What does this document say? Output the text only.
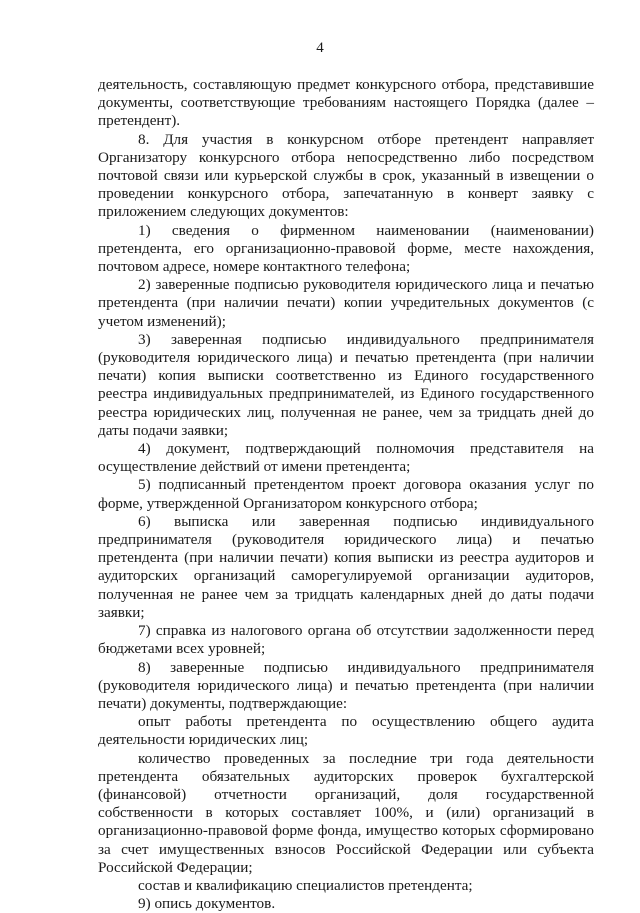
4

деятельность, составляющую предмет конкурсного отбора, представившие документы, соответствующие требованиям настоящего Порядка (далее – претендент).

8. Для участия в конкурсном отборе претендент направляет Организатору конкурсного отбора непосредственно либо посредством почтовой связи или курьерской службы в срок, указанный в извещении о проведении конкурсного отбора, запечатанную в конверт заявку с приложением следующих документов:

1) сведения о фирменном наименовании (наименовании) претендента, его организационно-правовой форме, месте нахождения, почтовом адресе, номере контактного телефона;

2) заверенные подписью руководителя юридического лица и печатью претендента (при наличии печати) копии учредительных документов (с учетом изменений);

3) заверенная подписью индивидуального предпринимателя (руководителя юридического лица) и печатью претендента (при наличии печати) копия выписки соответственно из Единого государственного реестра индивидуальных предпринимателей, из Единого государственного реестра юридических лиц, полученная не ранее, чем за тридцать дней до даты подачи заявки;

4) документ, подтверждающий полномочия представителя на осуществление действий от имени претендента;

5) подписанный претендентом проект договора оказания услуг по форме, утвержденной Организатором конкурсного отбора;

6) выписка или заверенная подписью индивидуального предпринимателя (руководителя юридического лица) и печатью претендента (при наличии печати) копия выписки из реестра аудиторов и аудиторских организаций саморегулируемой организации аудиторов, полученная не ранее чем за тридцать календарных дней до даты подачи заявки;

7) справка из налогового органа об отсутствии задолженности перед бюджетами всех уровней;

8) заверенные подписью индивидуального предпринимателя (руководителя юридического лица) и печатью претендента (при наличии печати) документы, подтверждающие:

опыт работы претендента по осуществлению общего аудита деятельности юридических лиц;

количество проведенных за последние три года деятельности претендента обязательных аудиторских проверок бухгалтерской (финансовой) отчетности организаций, доля государственной собственности в которых составляет 100%, и (или) организаций в организационно-правовой форме фонда, имущество которых сформировано за счет имущественных взносов Российской Федерации или субъекта Российской Федерации;

состав и квалификацию специалистов претендента;

9) опись документов.
